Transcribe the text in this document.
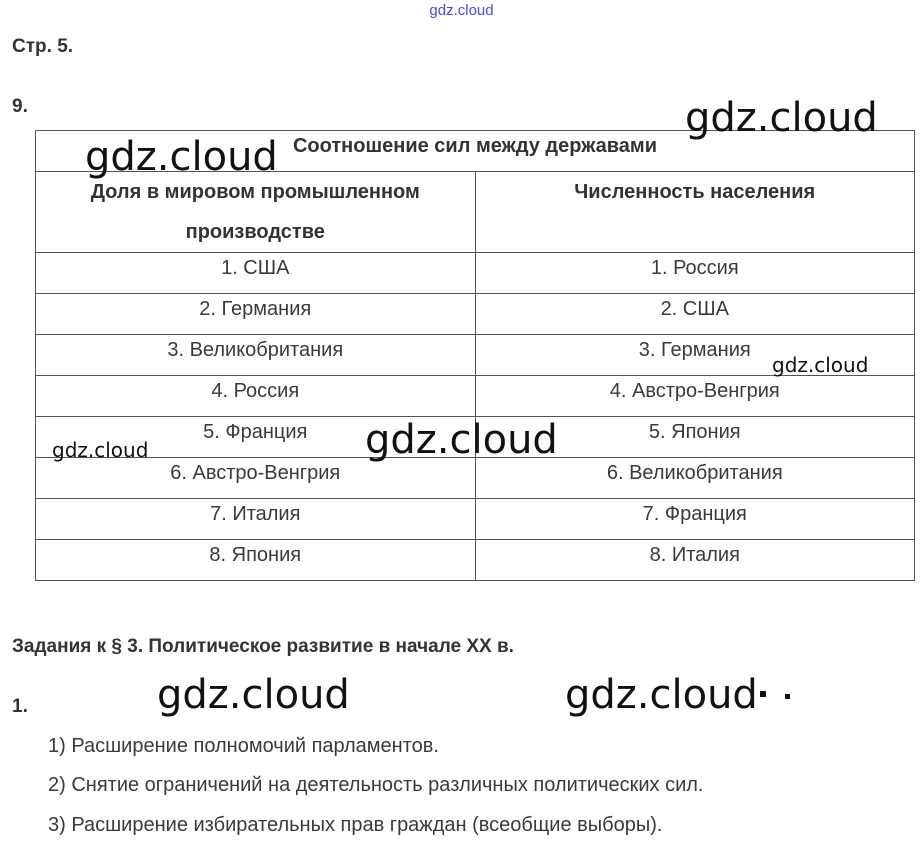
gdz.cloud
Стр. 5.
9.
Соотношение сил между державами	
Доля в мировом промышленном производстве	Численность населения
1. США	1. Россия
2. Германия	2. США
3. Великобритания	3. Германия
4. Россия	4. Австро-Венгрия
5. Франция	5. Япония
6. Австро-Венгрия	6. Великобритания
7. Италия	7. Франция
8. Япония	8. Италия
Задания к § 3. Политическое развитие в начале XX в.
1.
1) Расширение полномочий парламентов.
2) Снятие ограничений на деятельность различных политических сил.
3) Расширение избирательных прав граждан (всеобщие выборы).
gdz.cloud
gdz.cloud
gdz.cloud
gdz.cloud
gdz.cloud
gdz.cloud	gdz.cloud
